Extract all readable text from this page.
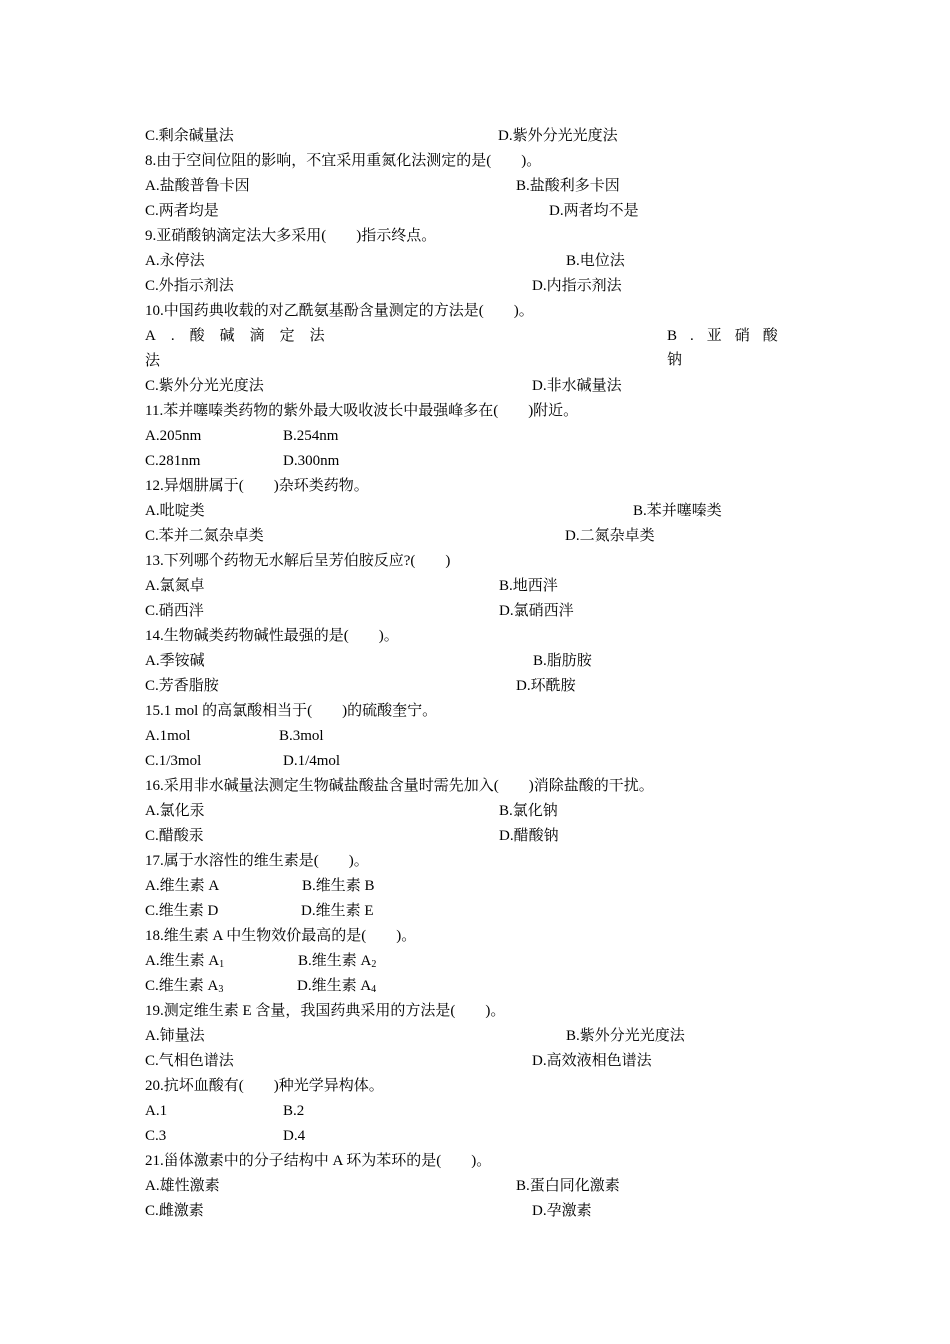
C.剩余碱量法	D.紫外分光光度法
8.由于空间位阻的影响，不宜采用重氮化法测定的是(　　)。
A.盐酸普鲁卡因	B.盐酸利多卡因
C.两者均是	D.两者均不是
9.亚硝酸钠滴定法大多采用(　　)指示终点。
A.永停法	B.电位法
C.外指示剂法	D.内指示剂法
10.中国药典收载的对乙酰氨基酚含量测定的方法是(　　)。
A.酸碱滴定法	B.亚硝酸钠
法
C.紫外分光光度法	D.非水碱量法
11.苯并噻嗪类药物的紫外最大吸收波长中最强峰多在(　　)附近。
A.205nm	B.254nm
C.281nm	D.300nm
12.异烟肼属于(　　)杂环类药物。
A.吡啶类	B.苯并噻嗪类
C.苯并二氮杂卓类	D.二氮杂卓类
13.下列哪个药物无水解后呈芳伯胺反应?(　　)
A.氯氮卓	B.地西泮
C.硝西泮	D.氯硝西泮
14.生物碱类药物碱性最强的是(　　)。
A.季铵碱	B.脂肪胺
C.芳香脂胺	D.环酰胺
15.1 mol 的高氯酸相当于(　　)的硫酸奎宁。
A.1mol	B.3mol
C.1/3mol	D.1/4mol
16.采用非水碱量法测定生物碱盐酸盐含量时需先加入(　　)消除盐酸的干扰。
A.氯化汞	B.氯化钠
C.醋酸汞	D.醋酸钠
17.属于水溶性的维生素是(　　)。
A.维生素 A	B.维生素 B
C.维生素 D	D.维生素 E
18.维生素 A 中生物效价最高的是(　　)。
A.维生素 $A_1$	B.维生素 $A_2$
C.维生素 $A_3$	D.维生素 $A_4$
19.测定维生素 E 含量，我国药典采用的方法是(　　)。
A.铈量法	B.紫外分光光度法
C.气相色谱法	D.高效液相色谱法
20.抗坏血酸有(　　)种光学异构体。
A.1	B.2
C.3	D.4
21.甾体激素中的分子结构中 A 环为苯环的是(　　)。
A.雄性激素	B.蛋白同化激素
C.雌激素	D.孕激素
